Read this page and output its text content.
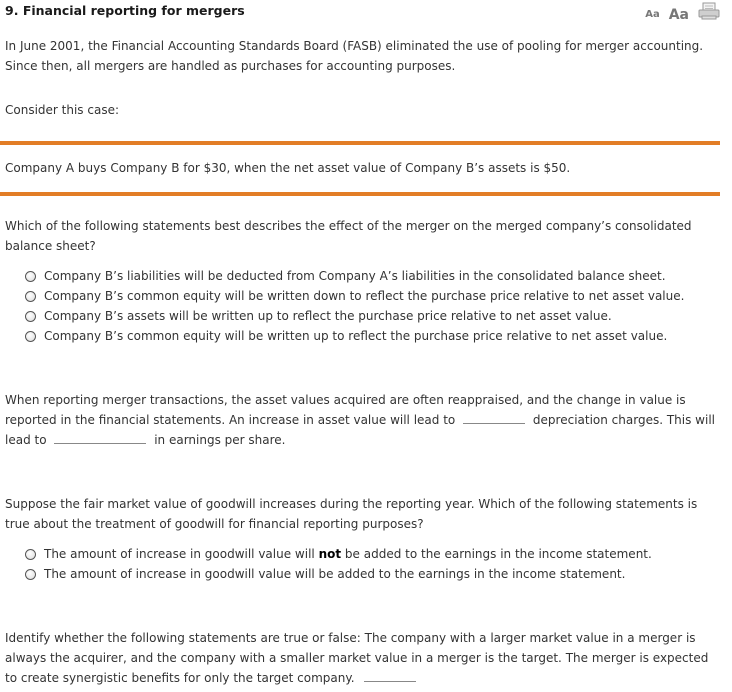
9. Financial reporting for mergers	Aa Aa

In June 2001, the Financial Accounting Standards Board (FASB) eliminated the use of pooling for merger accounting. Since then, all mergers are handled as purchases for accounting purposes.

Consider this case:

Company A buys Company B for $30, when the net asset value of Company B’s assets is $50.

Which of the following statements best describes the effect of the merger on the merged company’s consolidated balance sheet?

Company B’s liabilities will be deducted from Company A’s liabilities in the consolidated balance sheet.
Company B’s common equity will be written down to reflect the purchase price relative to net asset value.
Company B’s assets will be written up to reflect the purchase price relative to net asset value.
Company B’s common equity will be written up to reflect the purchase price relative to net asset value.
When reporting merger transactions, the asset values acquired are often reappraised, and the change in value is reported in the financial statements. An increase in asset value will lead to	depreciation charges. This will
lead to	in earnings per share.

Suppose the fair market value of goodwill increases during the reporting year. Which of the following statements is true about the treatment of goodwill for financial reporting purposes?

The amount of increase in goodwill value will not be added to the earnings in the income statement.
The amount of increase in goodwill value will be added to the earnings in the income statement.
Identify whether the following statements are true or false: The company with a larger market value in a merger is always the acquirer, and the company with a smaller market value in a merger is the target. The merger is expected to create synergistic benefits for only the target company.
